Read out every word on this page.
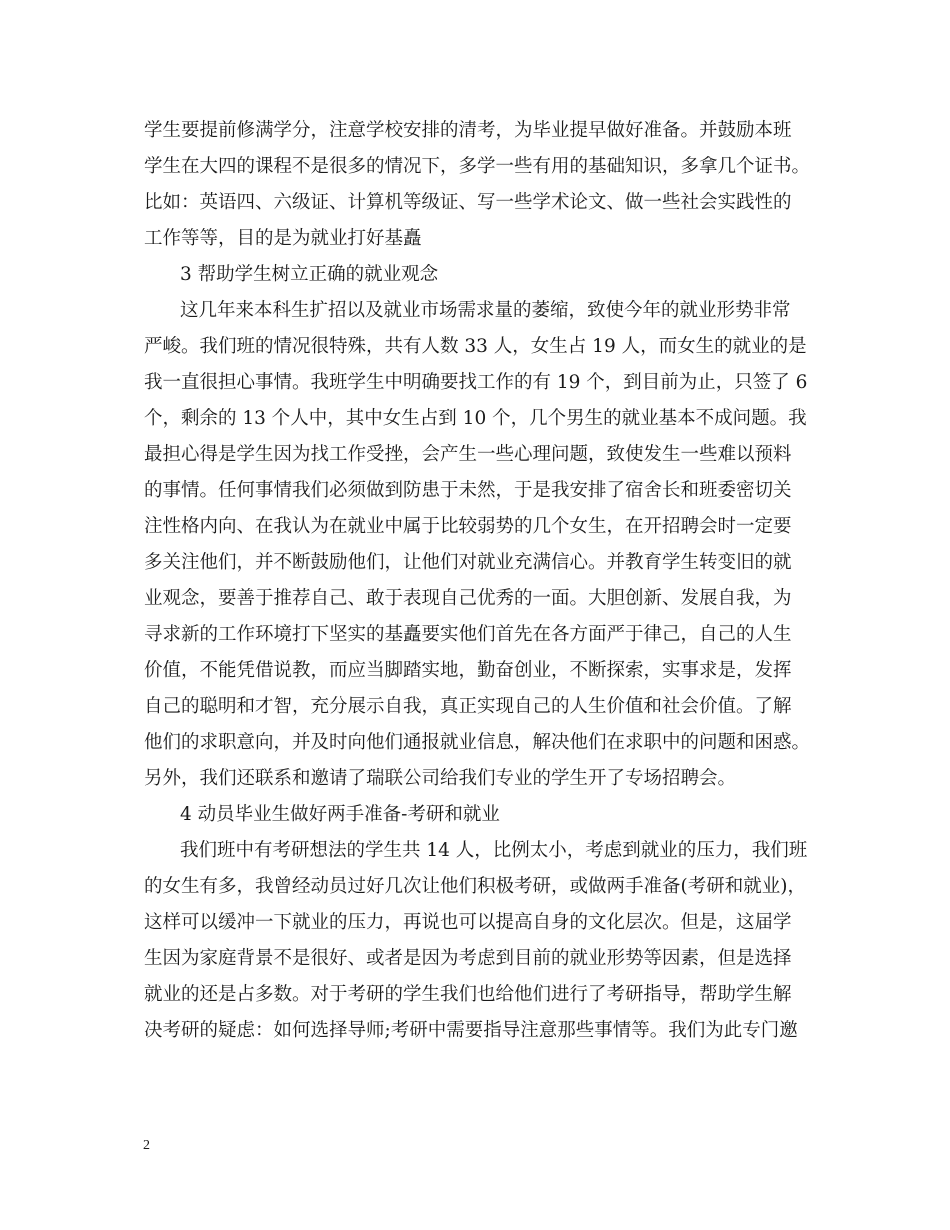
学生要提前修满学分，注意学校安排的清考，为毕业提早做好准备。并鼓励本班
学生在大四的课程不是很多的情况下，多学一些有用的基础知识，多拿几个证书。
比如：英语四、六级证、计算机等级证、写一些学术论文、做一些社会实践性的
工作等等，目的是为就业打好基矗
3 帮助学生树立正确的就业观念
这几年来本科生扩招以及就业市场需求量的萎缩，致使今年的就业形势非常
严峻。我们班的情况很特殊，共有人数 33 人，女生占 19 人，而女生的就业的是
我一直很担心事情。我班学生中明确要找工作的有 19 个，到目前为止，只签了 6
个，剩余的 13 个人中，其中女生占到 10 个，几个男生的就业基本不成问题。我
最担心得是学生因为找工作受挫，会产生一些心理问题，致使发生一些难以预料
的事情。任何事情我们必须做到防患于未然，于是我安排了宿舍长和班委密切关
注性格内向、在我认为在就业中属于比较弱势的几个女生，在开招聘会时一定要
多关注他们，并不断鼓励他们，让他们对就业充满信心。并教育学生转变旧的就
业观念，要善于推荐自己、敢于表现自己优秀的一面。大胆创新、发展自我，为
寻求新的工作环境打下坚实的基矗要实他们首先在各方面严于律己，自己的人生
价值，不能凭借说教，而应当脚踏实地，勤奋创业，不断探索，实事求是，发挥
自己的聪明和才智，充分展示自我，真正实现自己的人生价值和社会价值。了解
他们的求职意向，并及时向他们通报就业信息，解决他们在求职中的问题和困惑。
另外，我们还联系和邀请了瑞联公司给我们专业的学生开了专场招聘会。
4 动员毕业生做好两手准备-考研和就业
我们班中有考研想法的学生共 14 人，比例太小，考虑到就业的压力，我们班
的女生有多，我曾经动员过好几次让他们积极考研，或做两手准备(考研和就业)，
这样可以缓冲一下就业的压力，再说也可以提高自身的文化层次。但是，这届学
生因为家庭背景不是很好、或者是因为考虑到目前的就业形势等因素，但是选择
就业的还是占多数。对于考研的学生我们也给他们进行了考研指导，帮助学生解
决考研的疑虑：如何选择导师;考研中需要指导注意那些事情等。我们为此专门邀
2
